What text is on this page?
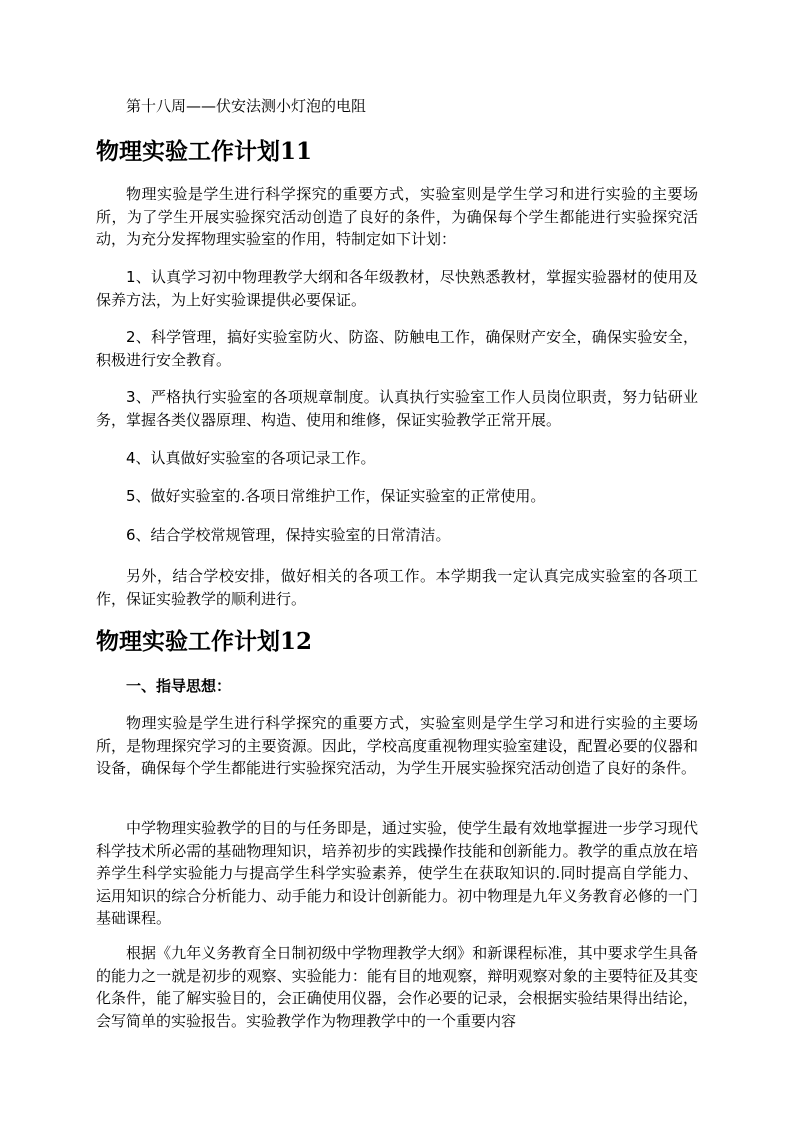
第十八周——伏安法测小灯泡的电阻

物理实验工作计划11

物理实验是学生进行科学探究的重要方式，实验室则是学生学习和进行实验的主要场所，为了学生开展实验探究活动创造了良好的条件，为确保每个学生都能进行实验探究活动，为充分发挥物理实验室的作用，特制定如下计划：

1、认真学习初中物理教学大纲和各年级教材，尽快熟悉教材，掌握实验器材的使用及保养方法，为上好实验课提供必要保证。

2、科学管理，搞好实验室防火、防盗、防触电工作，确保财产安全，确保实验安全，积极进行安全教育。

3、严格执行实验室的各项规章制度。认真执行实验室工作人员岗位职责，努力钻研业务，掌握各类仪器原理、构造、使用和维修，保证实验教学正常开展。

4、认真做好实验室的各项记录工作。

5、做好实验室的.各项日常维护工作，保证实验室的正常使用。

6、结合学校常规管理，保持实验室的日常清洁。

另外，结合学校安排，做好相关的各项工作。本学期我一定认真完成实验室的各项工作，保证实验教学的顺利进行。

物理实验工作计划12

一、指导思想：

物理实验是学生进行科学探究的重要方式，实验室则是学生学习和进行实验的主要场所，是物理探究学习的主要资源。因此，学校高度重视物理实验室建设，配置必要的仪器和设备，确保每个学生都能进行实验探究活动，为学生开展实验探究活动创造了良好的条件。

中学物理实验教学的目的与任务即是，通过实验，使学生最有效地掌握进一步学习现代科学技术所必需的基础物理知识，培养初步的实践操作技能和创新能力。教学的重点放在培养学生科学实验能力与提高学生科学实验素养，使学生在获取知识的.同时提高自学能力、运用知识的综合分析能力、动手能力和设计创新能力。初中物理是九年义务教育必修的一门基础课程。

根据《九年义务教育全日制初级中学物理教学大纲》和新课程标准，其中要求学生具备的能力之一就是初步的观察、实验能力：能有目的地观察，辩明观察对象的主要特征及其变化条件，能了解实验目的，会正确使用仪器，会作必要的记录，会根据实验结果得出结论，会写简单的实验报告。实验教学作为物理教学中的一个重要内容
